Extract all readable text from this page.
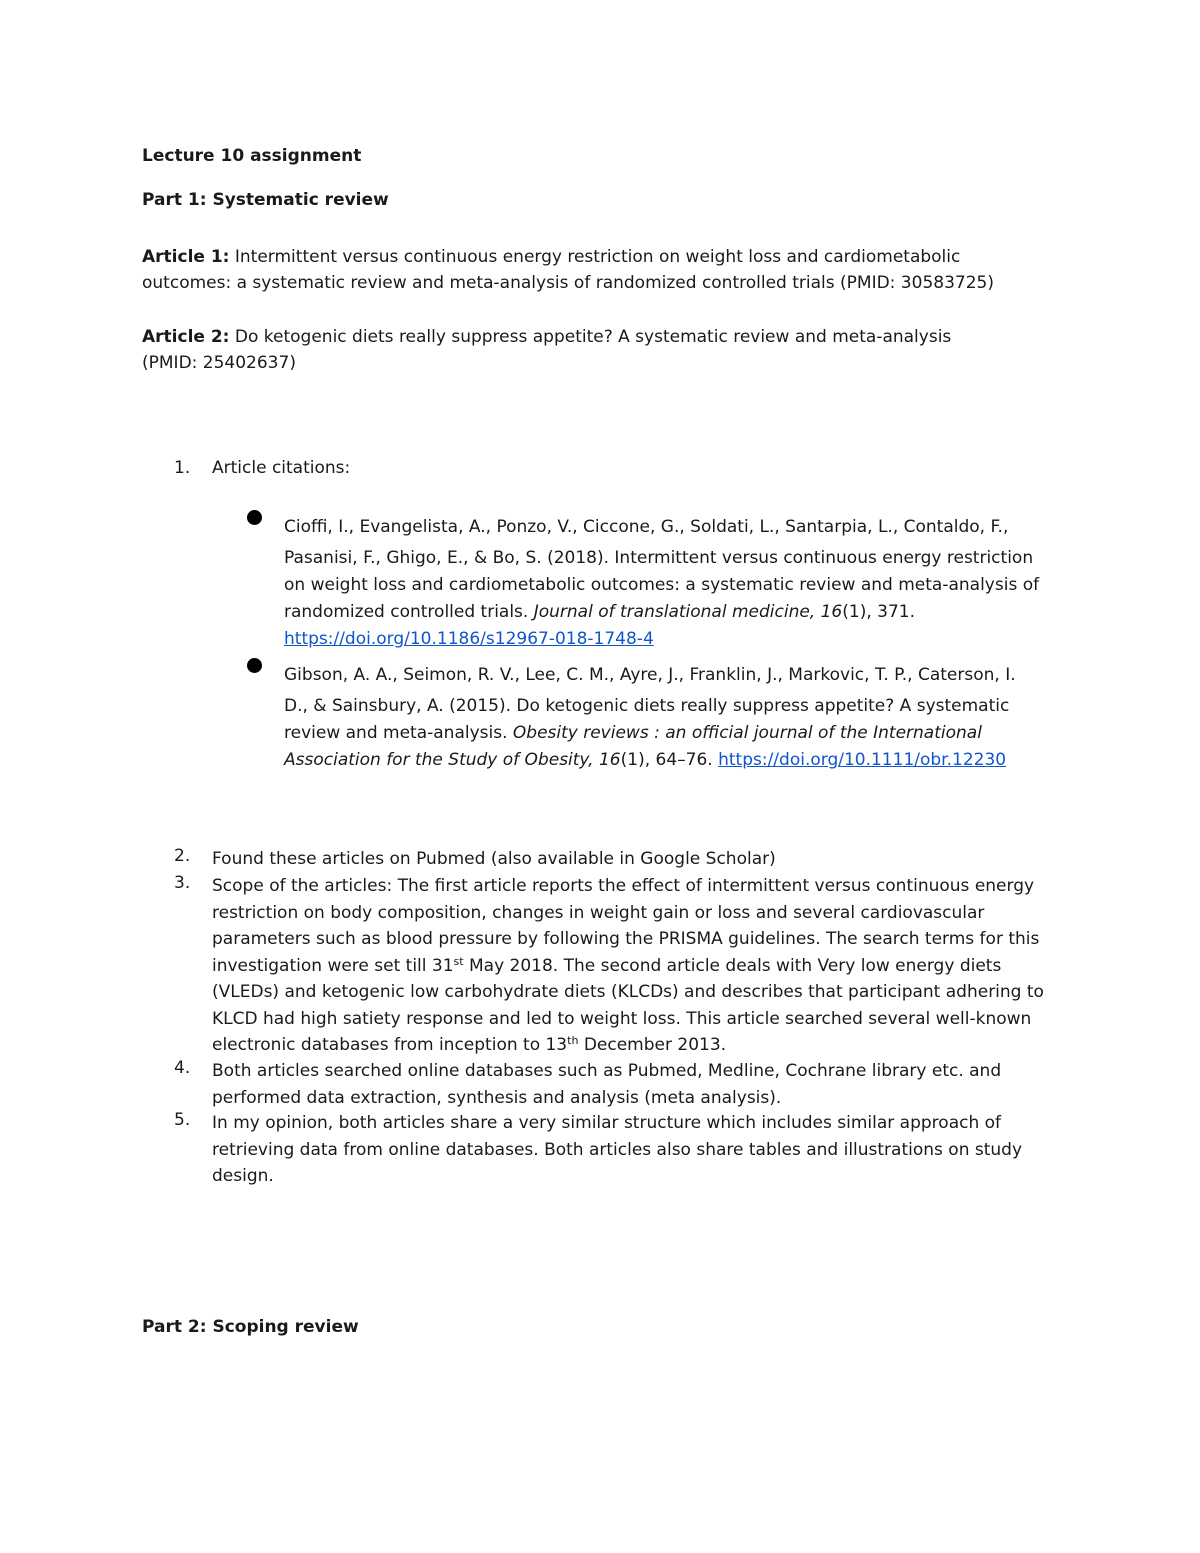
Lecture 10 assignment

Part 1: Systematic review

Article 1: Intermittent versus continuous energy restriction on weight loss and cardiometabolic
outcomes: a systematic review and meta-analysis of randomized controlled trials (PMID: 30583725)
Article 2: Do ketogenic diets really suppress appetite? A systematic review and meta-analysis
(PMID: 25402637)
1. Article citations:

Cioffi, I., Evangelista, A., Ponzo, V., Ciccone, G., Soldati, L., Santarpia, L., Contaldo, F.,
Pasanisi, F., Ghigo, E., & Bo, S. (2018). Intermittent versus continuous energy restriction
on weight loss and cardiometabolic outcomes: a systematic review and meta-analysis of
randomized controlled trials. Journal of translational medicine, 16(1), 371.
https://doi.org/10.1186/s12967-018-1748-4
Gibson, A. A., Seimon, R. V., Lee, C. M., Ayre, J., Franklin, J., Markovic, T. P., Caterson, I.
D., & Sainsbury, A. (2015). Do ketogenic diets really suppress appetite? A systematic
review and meta-analysis. Obesity reviews : an official journal of the International
Association for the Study of Obesity, 16(1), 64–76. https://doi.org/10.1111/obr.12230
2. Found these articles on Pubmed (also available in Google Scholar)

3. Scope of the articles: The first article reports the effect of intermittent versus continuous energy
restriction on body composition, changes in weight gain or loss and several cardiovascular
parameters such as blood pressure by following the PRISMA guidelines. The search terms for this
investigation were set till 31st May 2018. The second article deals with Very low energy diets
(VLEDs) and ketogenic low carbohydrate diets (KLCDs) and describes that participant adhering to
KLCD had high satiety response and led to weight loss. This article searched several well-known
electronic databases from inception to 13th December 2013.
4. Both articles searched online databases such as Pubmed, Medline, Cochrane library etc. and
performed data extraction, synthesis and analysis (meta analysis).
5. In my opinion, both articles share a very similar structure which includes similar approach of
retrieving data from online databases. Both articles also share tables and illustrations on study
design.

Part 2: Scoping review
